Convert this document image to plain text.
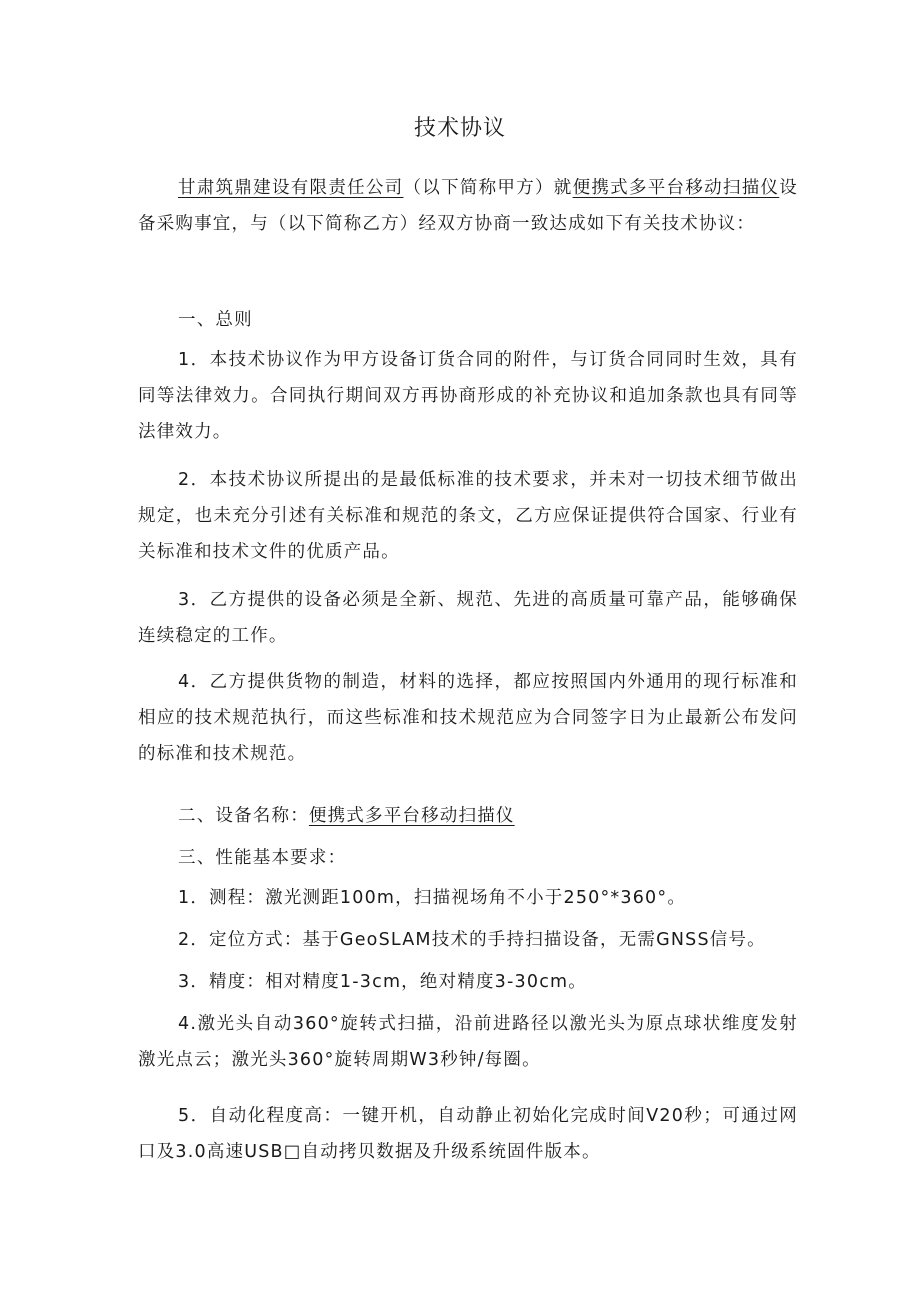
技术协议

甘肃筑鼎建设有限责任公司（以下简称甲方）就便携式多平台移动扫描仪设备采购事宜，与（以下简称乙方）经双方协商一致达成如下有关技术协议：

一、总则

1．本技术协议作为甲方设备订货合同的附件，与订货合同同时生效，具有同等法律效力。合同执行期间双方再协商形成的补充协议和追加条款也具有同等法律效力。

2．本技术协议所提出的是最低标准的技术要求，并未对一切技术细节做出规定，也未充分引述有关标准和规范的条文，乙方应保证提供符合国家、行业有关标准和技术文件的优质产品。

3．乙方提供的设备必须是全新、规范、先进的高质量可靠产品，能够确保连续稳定的工作。

4．乙方提供货物的制造，材料的选择，都应按照国内外通用的现行标准和相应的技术规范执行，而这些标准和技术规范应为合同签字日为止最新公布发问的标准和技术规范。

二、设备名称：便携式多平台移动扫描仪

三、性能基本要求：

1．测程：激光测距100m，扫描视场角不小于250°*360°。

2．定位方式：基于GeoSLAM技术的手持扫描设备，无需GNSS信号。

3．精度：相对精度1-3cm，绝对精度3-30cm。

4.激光头自动360°旋转式扫描，沿前进路径以激光头为原点球状维度发射激光点云；激光头360°旋转周期W3秒钟/每圈。

5．自动化程度高：一键开机，自动静止初始化完成时间V20秒；可通过网口及3.0高速USB□自动拷贝数据及升级系统固件版本。
